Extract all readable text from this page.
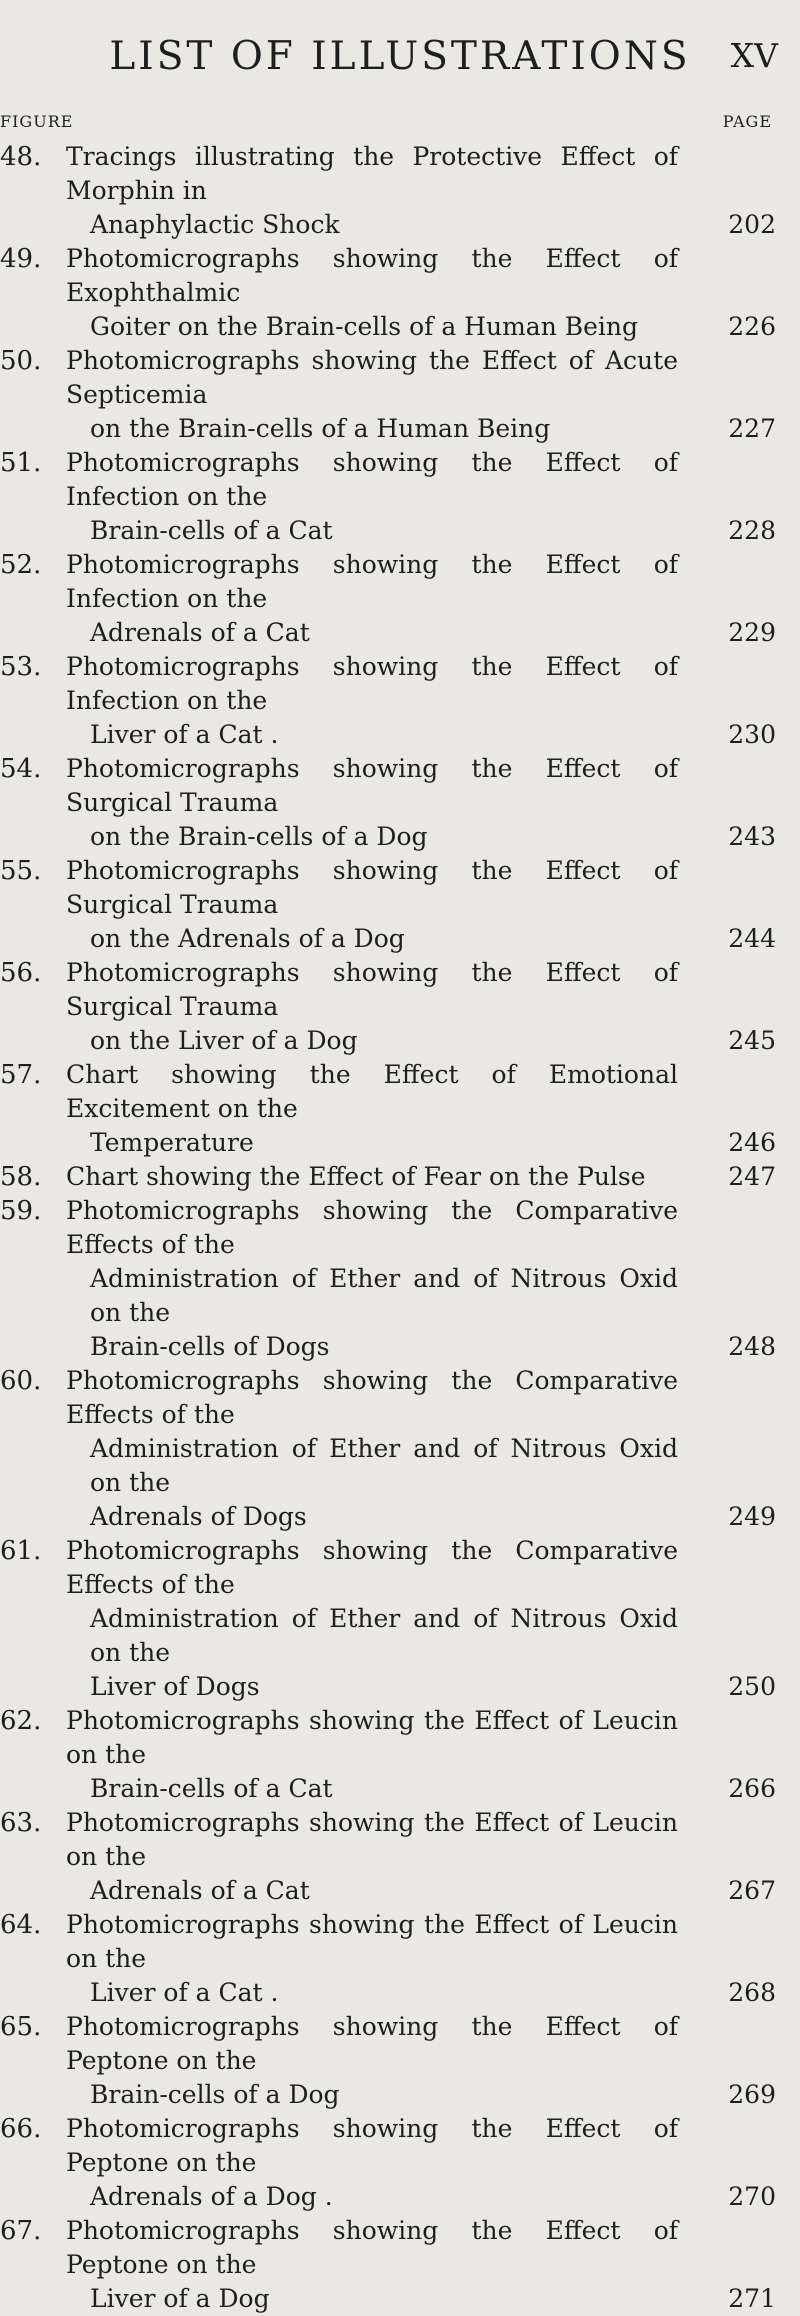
LIST OF ILLUSTRATIONS	XV
FIGURE	PAGE
48. Tracings illustrating the Protective Effect of Morphin in
Anaphylactic Shock	202
49. Photomicrographs showing the Effect of Exophthalmic
Goiter on the Brain-cells of a Human Being	226
50. Photomicrographs showing the Effect of Acute Septicemia
on the Brain-cells of a Human Being	227
51. Photomicrographs showing the Effect of Infection on the
Brain-cells of a Cat	228
52. Photomicrographs showing the Effect of Infection on the
Adrenals of a Cat	229
53. Photomicrographs showing the Effect of Infection on the
Liver of a Cat .	230
54. Photomicrographs showing the Effect of Surgical Trauma
on the Brain-cells of a Dog	243
55. Photomicrographs showing the Effect of Surgical Trauma
on the Adrenals of a Dog	244
56. Photomicrographs showing the Effect of Surgical Trauma
on the Liver of a Dog	245
57. Chart showing the Effect of Emotional Excitement on the
Temperature	246
58. Chart showing the Effect of Fear on the Pulse	247
59. Photomicrographs showing the Comparative Effects of the
Administration of Ether and of Nitrous Oxid on the
Brain-cells of Dogs	248
60. Photomicrographs showing the Comparative Effects of the
Administration of Ether and of Nitrous Oxid on the
Adrenals of Dogs	249
61. Photomicrographs showing the Comparative Effects of the
Administration of Ether and of Nitrous Oxid on the
Liver of Dogs	250
62. Photomicrographs showing the Effect of Leucin on the
Brain-cells of a Cat	266
63. Photomicrographs showing the Effect of Leucin on the
Adrenals of a Cat	267
64. Photomicrographs showing the Effect of Leucin on the
Liver of a Cat .	268
65. Photomicrographs showing the Effect of Peptone on the
Brain-cells of a Dog	269
66. Photomicrographs showing the Effect of Peptone on the
Adrenals of a Dog .	270
67. Photomicrographs showing the Effect of Peptone on the
Liver of a Dog	271
